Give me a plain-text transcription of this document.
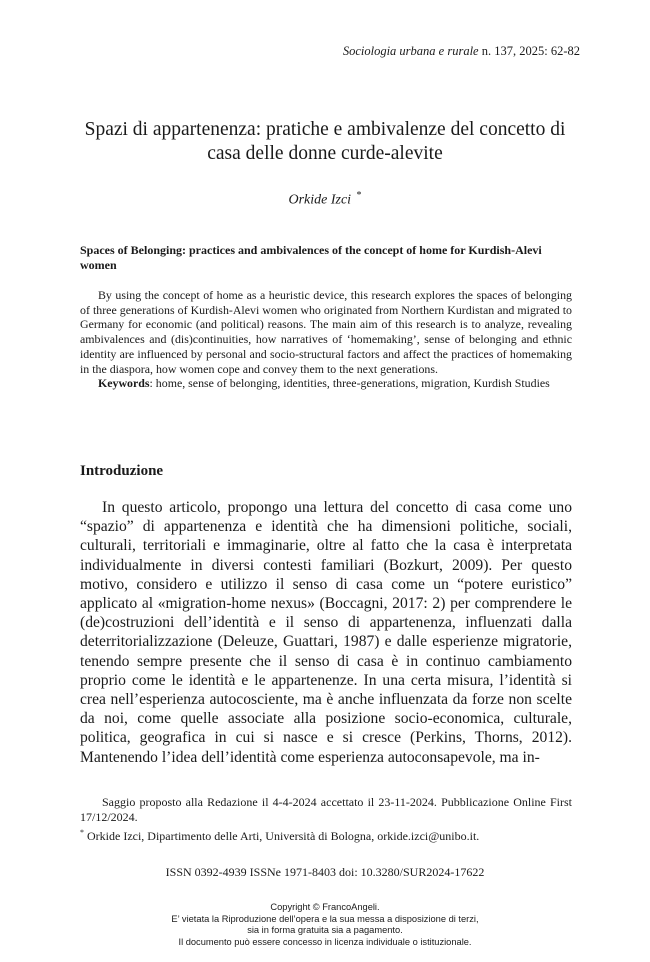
Sociologia urbana e rurale n. 137, 2025: 62-82
Spazi di appartenenza: pratiche e ambivalenze del concetto di casa delle donne curde-alevite
Orkide Izci *
Spaces of Belonging: practices and ambivalences of the concept of home for Kurdish-Alevi women

By using the concept of home as a heuristic device, this research explores the spaces of belonging of three generations of Kurdish-Alevi women who originated from Northern Kurdistan and migrated to Germany for economic (and political) reasons. The main aim of this research is to analyze, revealing ambivalences and (dis)continuities, how narratives of ‘homemaking’, sense of belonging and ethnic identity are influenced by personal and socio-structural factors and affect the practices of homemaking in the diaspora, how women cope and convey them to the next generations.

Keywords: home, sense of belonging, identities, three-generations, migration, Kurdish Studies

Introduzione

In questo articolo, propongo una lettura del concetto di casa come uno “spazio” di appartenenza e identità che ha dimensioni politiche, sociali, culturali, territoriali e immaginarie, oltre al fatto che la casa è interpretata individualmente in diversi contesti familiari (Bozkurt, 2009). Per questo motivo, considero e utilizzo il senso di casa come un “potere euristico” applicato al «migration-home nexus» (Boccagni, 2017: 2) per comprendere le (de)costruzioni dell’identità e il senso di appartenenza, influenzati dalla deterritorializzazione (Deleuze, Guattari, 1987) e dalle esperienze migratorie, tenendo sempre presente che il senso di casa è in continuo cambiamento proprio come le identità e le appartenenze. In una certa misura, l’identità si crea nell’esperienza autocosciente, ma è anche influenzata da forze non scelte da noi, come quelle associate alla posizione socio-economica, culturale, politica, geografica in cui si nasce e si cresce (Perkins, Thorns, 2012). Mantenendo l’idea dell’identità come esperienza autoconsapevole, ma in-

Saggio proposto alla Redazione il 4-4-2024 accettato il 23-11-2024. Pubblicazione Online First 17/12/2024.

* Orkide Izci, Dipartimento delle Arti, Università di Bologna, orkide.izci@unibo.it.

ISSN 0392-4939 ISSNe 1971-8403 doi: 10.3280/SUR2024-17622
Copyright © FrancoAngeli.
E’ vietata la Riproduzione dell’opera e la sua messa a disposizione di terzi,
sia in forma gratuita sia a pagamento.
Il documento può essere concesso in licenza individuale o istituzionale.
